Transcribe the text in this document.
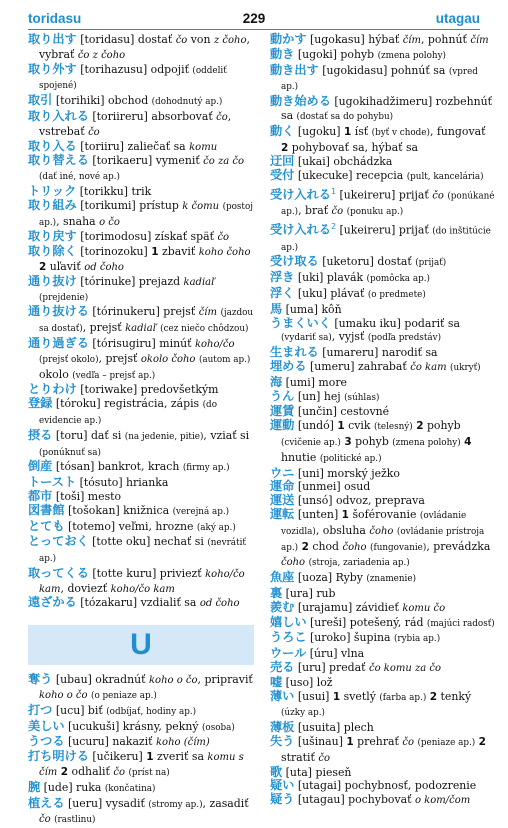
toridasu	229	utagau

取り出す [toridasu] dostať čo von z čoho, vybrať čo z čoho

取り外す [torihazusu] odpojiť (oddeliť spojené)

取引 [torihiki] obchod (dohodnutý ap.)

取り入れる [toriireru] absorbovať čo, vstrebať čo

取り入る [toriiru] zaliečať sa komu

取り替える [torikaeru] vymeniť čo za čo (dať iné, nové ap.)

トリック [torikku] trik

取り組み [torikumi] prístup k čomu (postoj ap.), snaha o čo

取り戻す [torimodosu] získať späť čo

取り除く [torinozoku] 1 zbaviť koho čoho 2 uľaviť od čoho

通り抜け [tórinuke] prejazd kadiaľ (prejdenie)

通り抜ける [tórinukeru] prejsť čím (jazdou sa dostať), prejsť kadiaľ (cez niečo chôdzou)

通り過ぎる [tórisugiru] minúť koho/čo (prejsť okolo), prejsť okolo čoho (autom ap.) okolo (vedľa – prejsť ap.)

とりわけ [toriwake] predovšetkým

登録 [tóroku] registrácia, zápis (do evidencie ap.)

摂る [toru] dať si (na jedenie, pitie), vziať si (ponúknuť sa)

倒産 [tósan] bankrot, krach (firmy ap.)

トースト [tósuto] hrianka

都市 [toši] mesto

図書館 [tošokan] knižnica (verejná ap.)

とても [totemo] veľmi, hrozne (aký ap.)

とっておく [totte oku] nechať si (nevrátiť ap.)

取ってくる [totte kuru] priviezť koho/čo kam, doviezť koho/čo kam

遠ざかる [tózakaru] vzdialiť sa od čoho

U

奪う [ubau] okradnúť koho o čo, pripraviť koho o čo (o peniaze ap.)

打つ [ucu] biť (odbíjať, hodiny ap.)

美しい [ucukuši] krásny, pekný (osoba)

うつる [ucuru] nakaziť koho (čím)

打ち明ける [učikeru] 1 zveriť sa komu s čím 2 odhaliť čo (príst na)

腕 [ude] ruka (končatina)

植える [ueru] vysadiť (stromy ap.), zasadiť čo (rastlinu)

動かす [ugokasu] hýbať čím, pohnúť čím

動き [ugoki] pohyb (zmena polohy)

動き出す [ugokidasu] pohnúť sa (vpred ap.)

動き始める [ugokihadžimeru] rozbehnúť sa (dostať sa do pohybu)

動く [ugoku] 1 ísť (byť v chode), fungovať 2 pohybovať sa, hýbať sa

迂回 [ukai] obchádzka

受付 [ukecuke] recepcia (pult, kancelária)

受け入れる$^1$ [ukeireru] prijať čo (ponúkané ap.), brať čo (ponuku ap.)

受け入れる$^2$ [ukeireru] prijať (do inštitúcie ap.)

受け取る [uketoru] dostať (prijať)

浮き [uki] plavák (pomôcka ap.)

浮く [uku] plávať (o predmete)

馬 [uma] kôň

うまくいく [umaku iku] podariť sa (vydariť sa), vyjsť (podľa predstáv)

生まれる [umareru] narodiť sa

埋める [umeru] zahrabať čo kam (ukryť)

海 [umi] more

うん [un] hej (súhlas)

運賃 [unčin] cestovné

運動 [undó] 1 cvik (telesný) 2 pohyb (cvičenie ap.) 3 pohyb (zmena polohy) 4 hnutie (politické ap.)

ウニ [uni] morský ježko

運命 [unmei] osud

運送 [unsó] odvoz, preprava

運転 [unten] 1 šoférovanie (ovládanie vozidla), obsluha čoho (ovládanie prístroja ap.) 2 chod čoho (fungovanie), prevádzka čoho (stroja, zariadenia ap.)

魚座 [uoza] Ryby (znamenie)

裏 [ura] rub

羨む [urajamu] závidieť komu čo

嬉しい [ureši] potešený, rád (majúci radosť)

うろこ [uroko] šupina (rybia ap.)

ウール [úru] vlna

売る [uru] predať čo komu za čo

嘘 [uso] lož

薄い [usui] 1 svetlý (farba ap.) 2 tenký (úzky ap.)

薄板 [usuita] plech

失う [ušinau] 1 prehrať čo (peniaze ap.) 2 stratiť čo

歌 [uta] pieseň

疑い [utagai] pochybnosť, podozrenie

疑う [utagau] pochybovať o kom/čom
